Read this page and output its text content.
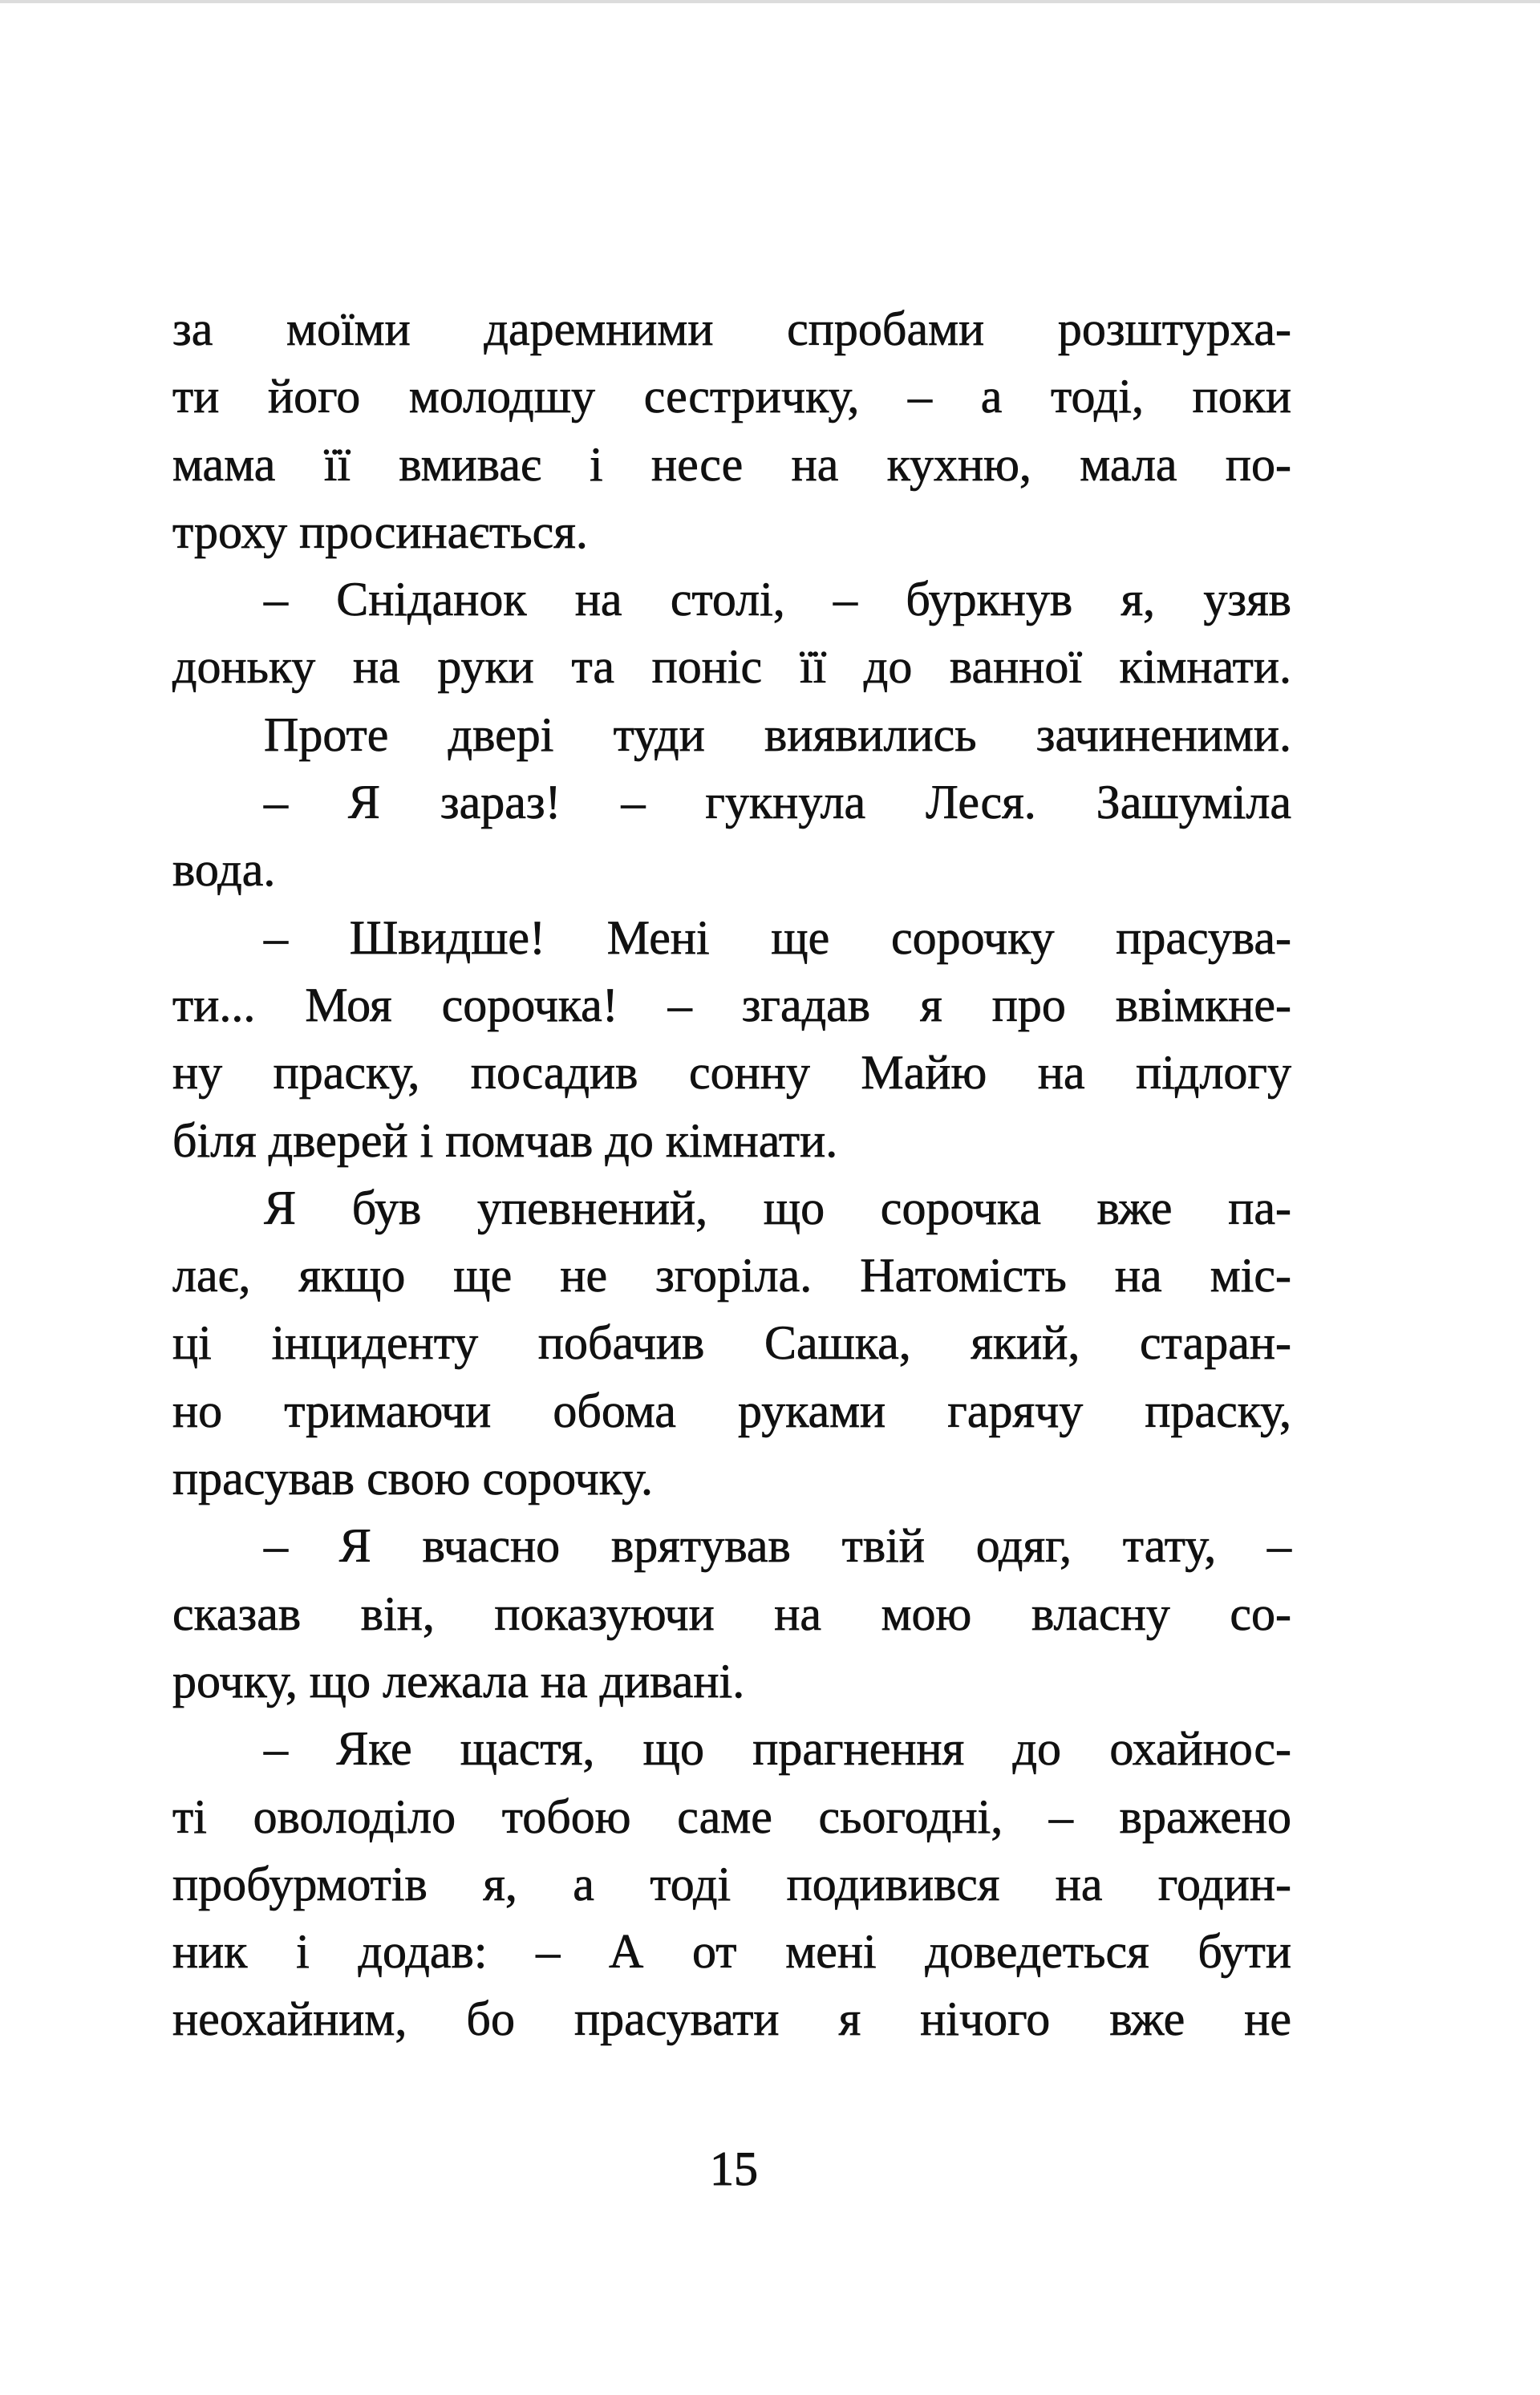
за моїми даремними спробами розштурха-
ти його молодшу сестричку, – а тоді, поки
мама її вмиває і несе на кухню, мала по-
троху просинається.
– Сніданок на столі, – буркнув я, узяв
доньку на руки та поніс її до ванної кімнати.
Проте двері туди виявились зачиненими.
– Я зараз! – гукнула Леся. Зашуміла
вода.
– Швидше! Мені ще сорочку прасува-
ти... Моя сорочка! – згадав я про ввімкне-
ну праску, посадив сонну Майю на підлогу
біля дверей і помчав до кімнати.
Я був упевнений, що сорочка вже па-
лає, якщо ще не згоріла. Натомість на міс-
ці інциденту побачив Сашка, який, старан-
но тримаючи обома руками гарячу праску,
прасував свою сорочку.
– Я вчасно врятував твій одяг, тату, –
сказав він, показуючи на мою власну со-
рочку, що лежала на дивані.
– Яке щастя, що прагнення до охайнос-
ті оволоділо тобою саме сьогодні, – вражено
пробурмотів я, а тоді подивився на годин-
ник і додав: – А от мені доведеться бути
неохайним, бо прасувати я нічого вже не
15
